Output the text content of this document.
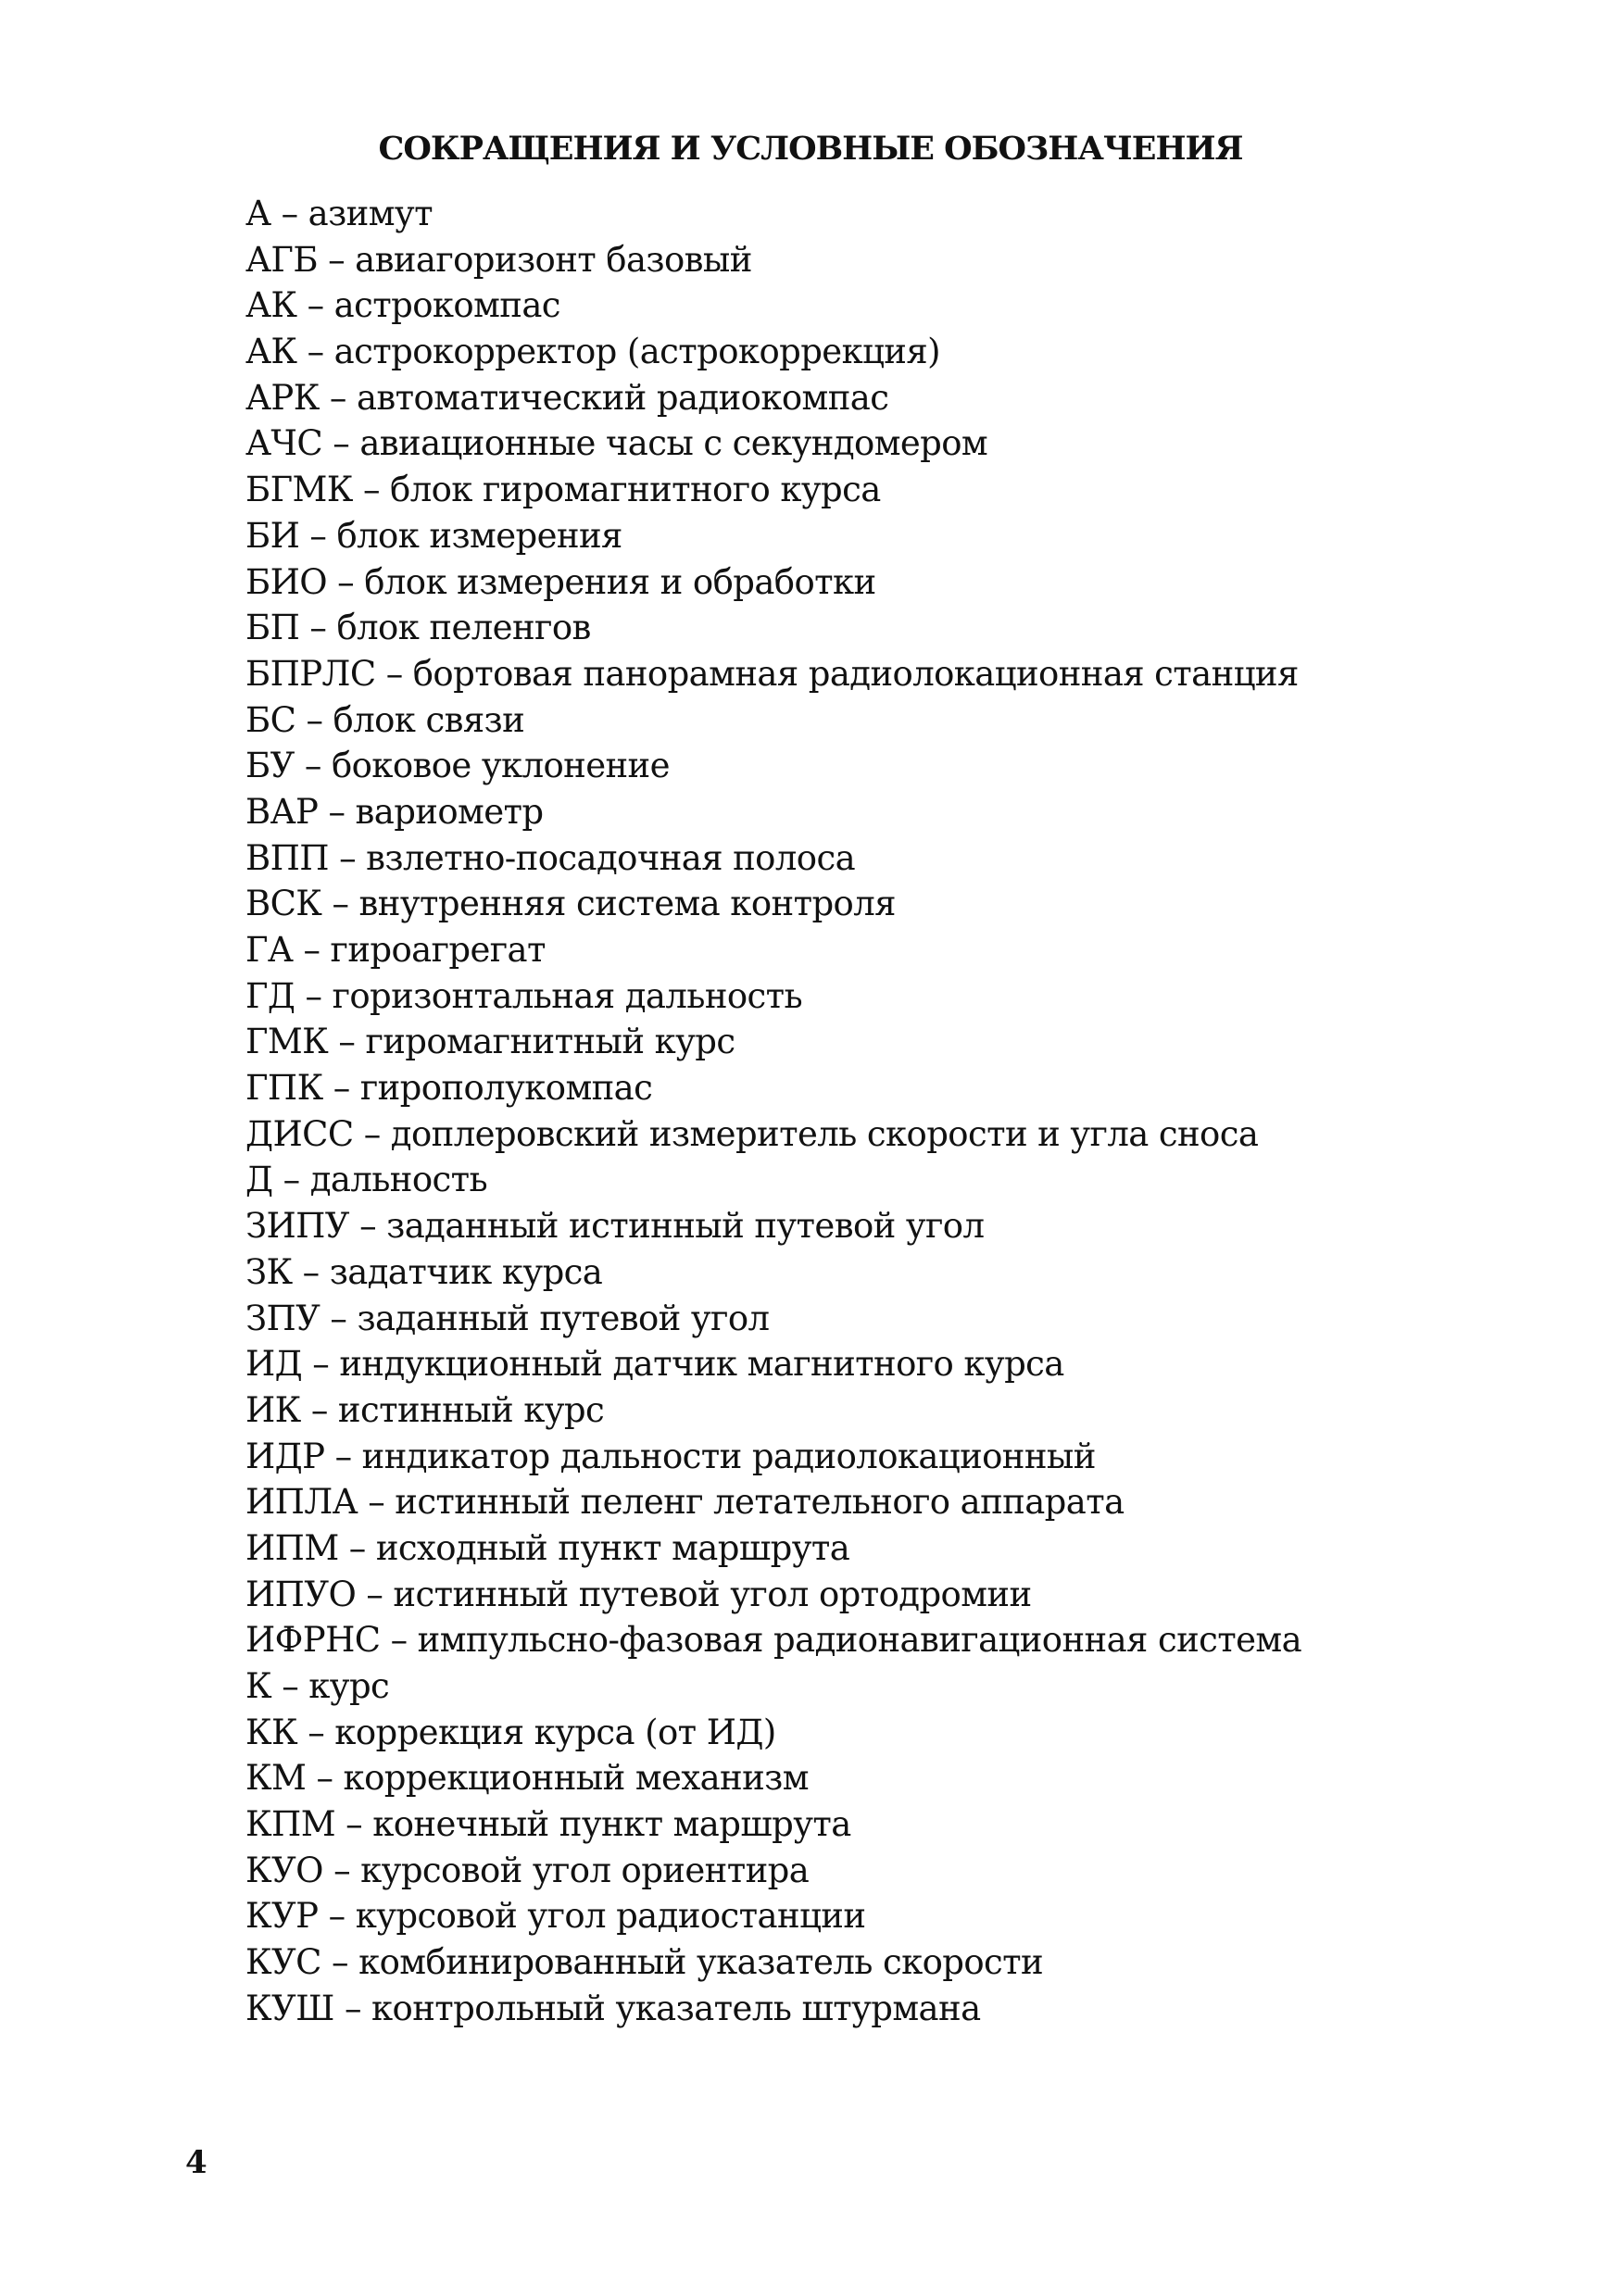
СОКРАЩЕНИЯ И УСЛОВНЫЕ ОБОЗНАЧЕНИЯ
А – азимут
АГБ – авиагоризонт базовый
АК – астрокомпас
АК – астрокорректор (астрокоррекция)
АРК – автоматический радиокомпас
АЧС – авиационные часы с секундомером
БГМК – блок гиромагнитного курса
БИ – блок измерения
БИО – блок измерения и обработки
БП – блок пеленгов
БПРЛС – бортовая панорамная радиолокационная станция
БС – блок связи
БУ – боковое уклонение
ВАР – вариометр
ВПП – взлетно-посадочная полоса
ВСК – внутренняя система контроля
ГА – гироагрегат
ГД – горизонтальная дальность
ГМК – гиромагнитный курс
ГПК – гирополукомпас
ДИСС – доплеровский измеритель скорости и угла сноса
Д – дальность
ЗИПУ – заданный истинный путевой угол
ЗК – задатчик курса
ЗПУ – заданный путевой угол
ИД – индукционный датчик магнитного курса
ИК – истинный курс
ИДР – индикатор дальности радиолокационный
ИПЛА – истинный пеленг летательного аппарата
ИПМ – исходный пункт маршрута
ИПУО – истинный путевой угол ортодромии
ИФРНС – импульсно-фазовая радионавигационная система
К – курс
КК – коррекция курса (от ИД)
КМ – коррекционный механизм
КПМ – конечный пункт маршрута
КУО – курсовой угол ориентира
КУР – курсовой угол радиостанции
КУС – комбинированный указатель скорости
КУШ – контрольный указатель штурмана
4
